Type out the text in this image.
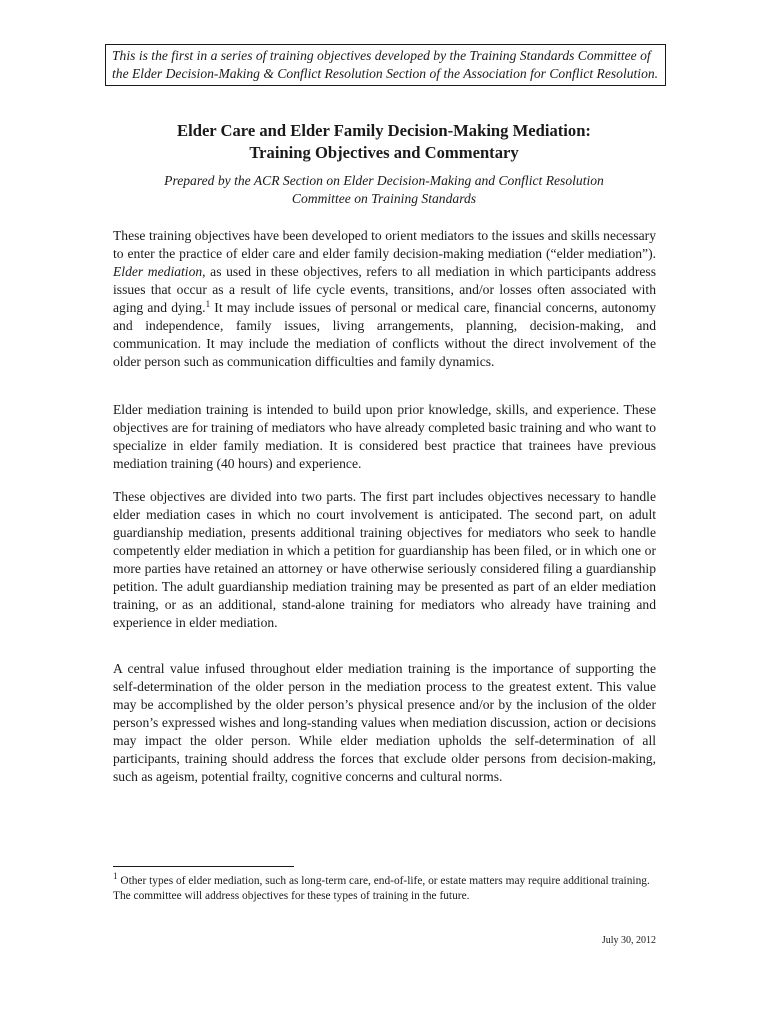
This is the first in a series of training objectives developed by the Training Standards Committee of the Elder Decision-Making & Conflict Resolution Section of the Association for Conflict Resolution.
Elder Care and Elder Family Decision-Making Mediation:
Training Objectives and Commentary
Prepared by the ACR Section on Elder Decision-Making and Conflict Resolution
Committee on Training Standards

These training objectives have been developed to orient mediators to the issues and skills necessary to enter the practice of elder care and elder family decision-making mediation (“elder mediation”). Elder mediation, as used in these objectives, refers to all mediation in which participants address issues that occur as a result of life cycle events, transitions, and/or losses often associated with aging and dying.$^1$ It may include issues of personal or medical care, financial concerns, autonomy and independence, family issues, living arrangements, planning, decision-making, and communication. It may include the mediation of conflicts without the direct involvement of the older person such as communication difficulties and family dynamics.

Elder mediation training is intended to build upon prior knowledge, skills, and experience. These objectives are for training of mediators who have already completed basic training and who want to specialize in elder family mediation. It is considered best practice that trainees have previous mediation training (40 hours) and experience.

These objectives are divided into two parts. The first part includes objectives necessary to handle elder mediation cases in which no court involvement is anticipated. The second part, on adult guardianship mediation, presents additional training objectives for mediators who seek to handle competently elder mediation in which a petition for guardianship has been filed, or in which one or more parties have retained an attorney or have otherwise seriously considered filing a guardianship petition. The adult guardianship mediation training may be presented as part of an elder mediation training, or as an additional, stand-alone training for mediators who already have training and experience in elder mediation.

A central value infused throughout elder mediation training is the importance of supporting the self-determination of the older person in the mediation process to the greatest extent. This value may be accomplished by the older person’s physical presence and/or by the inclusion of the older person’s expressed wishes and long-standing values when mediation discussion, action or decisions may impact the older person. While elder mediation upholds the self-determination of all participants, training should address the forces that exclude older persons from decision-making, such as ageism, potential frailty, cognitive concerns and cultural norms.

$^1$ Other types of elder mediation, such as long-term care, end-of-life, or estate matters may require additional training. The committee will address objectives for these types of training in the future.
July 30, 2012
